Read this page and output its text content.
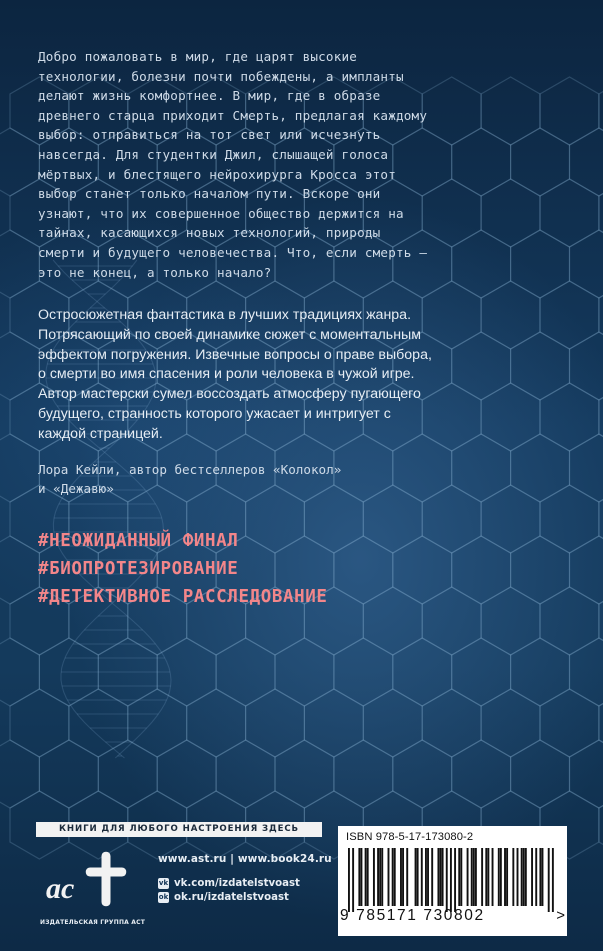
Добро пожаловать в мир, где царят высокие
технологии, болезни почти побеждены, а импланты
делают жизнь комфортнее. В мир, где в образе
древнего старца приходит Смерть, предлагая каждому
выбор: отправиться на тот свет или исчезнуть
навсегда. Для студентки Джил, слышащей голоса
мёртвых, и блестящего нейрохирурга Кросса этот
выбор станет только началом пути. Вскоре они
узнают, что их совершенное общество держится на
тайнах, касающихся новых технологий, природы
смерти и будущего человечества. Что, если смерть —
это не конец, а только начало?
Остросюжетная фантастика в лучших традициях жанра.
Потрясающий по своей динамике сюжет с моментальным
эффектом погружения. Извечные вопросы о праве выбора,
о смерти во имя спасения и роли человека в чужой игре.
Автор мастерски сумел воссоздать атмосферу пугающего
будущего, странность которого ужасает и интригует с
каждой страницей.
Лора Кейли, автор бестселлеров «Колокол»
и «Дежавю»
#НЕОЖИДАННЫЙ ФИНАЛ
#БИОПРОТЕЗИРОВАНИЕ
#ДЕТЕКТИВНОЕ РАССЛЕДОВАНИЕ
КНИГИ ДЛЯ ЛЮБОГО НАСТРОЕНИЯ ЗДЕСЬ
ас
ИЗДАТЕЛЬСКАЯ ГРУППА АСТ
www.ast.ru | www.book24.ru
vk vk.com/izdatelstvoast
ok ok.ru/izdatelstvoast
ISBN 978-5-17-173080-2
9 785171 730802	>
